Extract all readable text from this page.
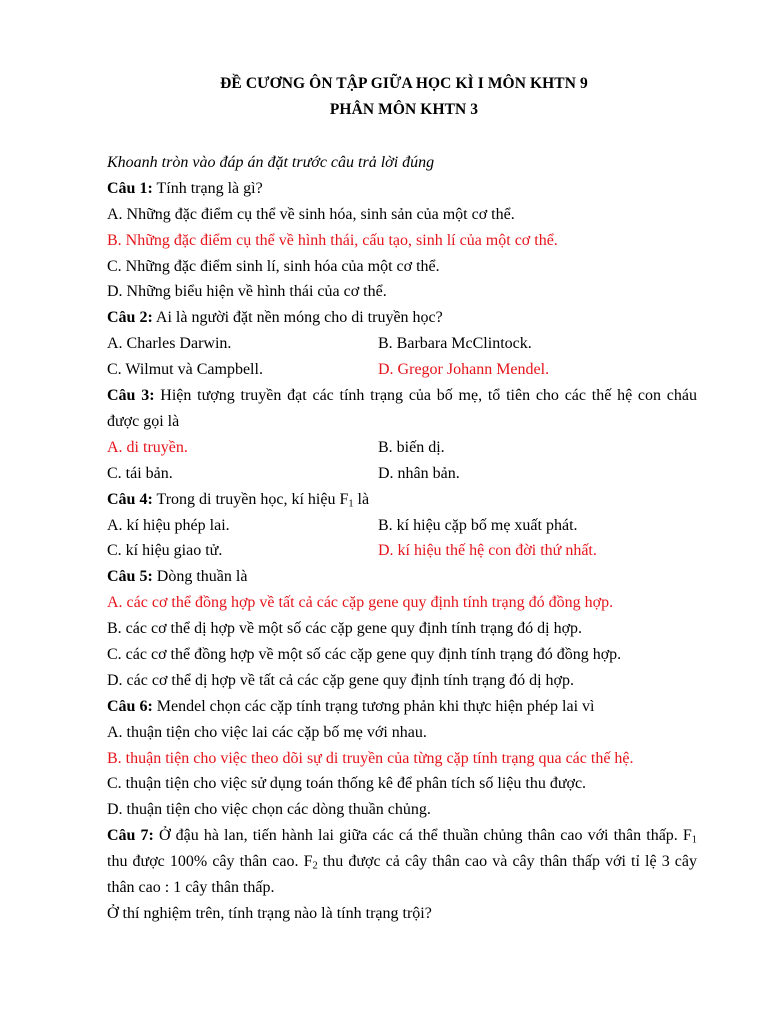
ĐỀ CƯƠNG ÔN TẬP GIỮA HỌC KÌ I MÔN KHTN 9
PHÂN MÔN KHTN 3
Khoanh tròn vào đáp án đặt trước câu trả lời đúng
Câu 1: Tính trạng là gì?
A. Những đặc điểm cụ thể về sinh hóa, sinh sản của một cơ thể.
B. Những đặc điểm cụ thể về hình thái, cấu tạo, sinh lí của một cơ thể.
C. Những đặc điểm sinh lí, sinh hóa của một cơ thể.
D. Những biểu hiện về hình thái của cơ thể.
Câu 2: Ai là người đặt nền móng cho di truyền học?
A. Charles Darwin.	B. Barbara McClintock.
C. Wilmut và Campbell.	D. Gregor Johann Mendel.
Câu 3: Hiện tượng truyền đạt các tính trạng của bố mẹ, tổ tiên cho các thế hệ con cháu được gọi là
A. di truyền.	B. biến dị.
C. tái bản.	D. nhân bản.
Câu 4: Trong di truyền học, kí hiệu $F_1$ là
A. kí hiệu phép lai.	B. kí hiệu cặp bố mẹ xuất phát.
C. kí hiệu giao tử.	D. kí hiệu thế hệ con đời thứ nhất.
Câu 5: Dòng thuần là
A. các cơ thể đồng hợp về tất cả các cặp gene quy định tính trạng đó đồng hợp.
B. các cơ thể dị hợp về một số các cặp gene quy định tính trạng đó dị hợp.
C. các cơ thể đồng hợp về một số các cặp gene quy định tính trạng đó đồng hợp.
D. các cơ thể dị hợp về tất cả các cặp gene quy định tính trạng đó dị hợp.
Câu 6: Mendel chọn các cặp tính trạng tương phản khi thực hiện phép lai vì
A. thuận tiện cho việc lai các cặp bố mẹ với nhau.
B. thuận tiện cho việc theo dõi sự di truyền của từng cặp tính trạng qua các thế hệ.
C. thuận tiện cho việc sử dụng toán thống kê để phân tích số liệu thu được.
D. thuận tiện cho việc chọn các dòng thuần chủng.
Câu 7: Ở đậu hà lan, tiến hành lai giữa các cá thể thuần chủng thân cao với thân thấp. $F_1$ thu được 100% cây thân cao. $F_2$ thu được cả cây thân cao và cây thân thấp với tỉ lệ 3 cây thân cao : 1 cây thân thấp.
Ở thí nghiệm trên, tính trạng nào là tính trạng trội?
